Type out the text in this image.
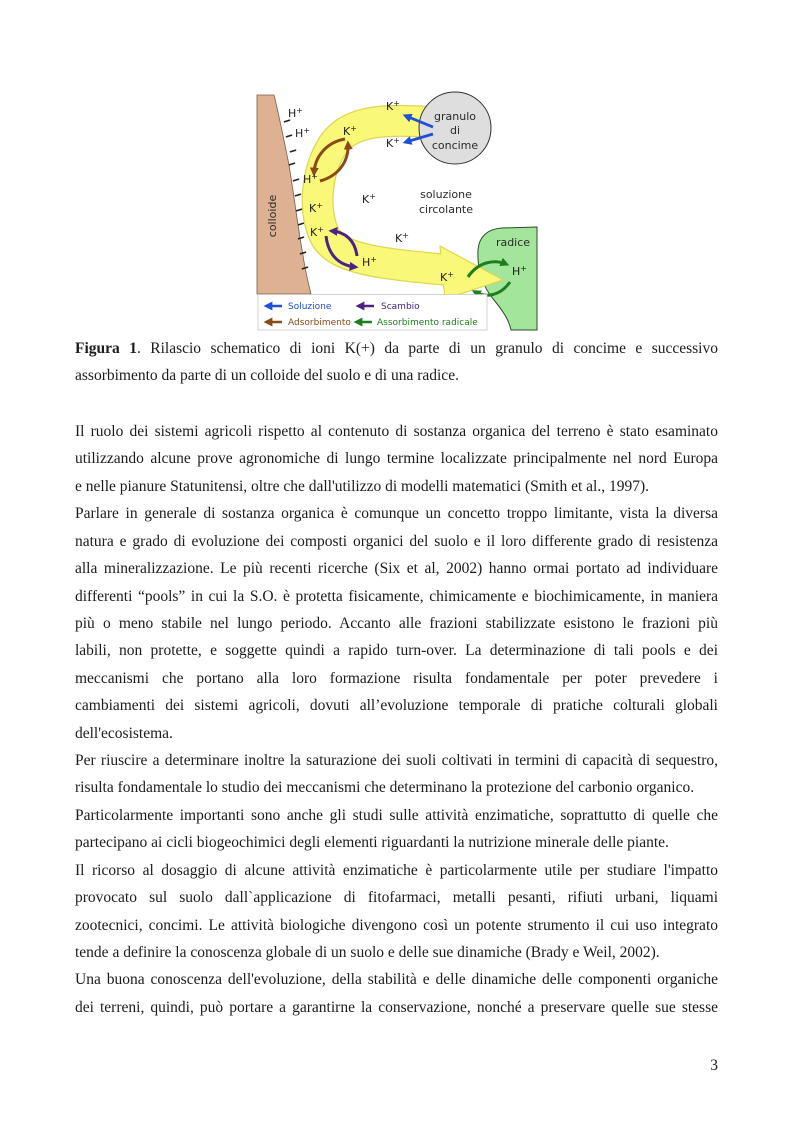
colloide
radice
granulo
di
concime
soluzione
circolante
H+
H+	K+
K+
K+
H+
K+
K+
K+
K+
H+
K+	H+
Soluzione	Scambio
Adsorbimento	Assorbimento radicale
Figura 1. Rilascio schematico di ioni K(+) da parte di un granulo di concime e successivo
assorbimento da parte di un colloide del suolo e di una radice.
Il ruolo dei sistemi agricoli rispetto al contenuto di sostanza organica del terreno è stato esaminato
utilizzando alcune prove agronomiche di lungo termine localizzate principalmente nel nord Europa
e nelle pianure Statunitensi, oltre che dall'utilizzo di modelli matematici (Smith et al., 1997).
Parlare in generale di sostanza organica è comunque un concetto troppo limitante, vista la diversa
natura e grado di evoluzione dei composti organici del suolo e il loro differente grado di resistenza
alla mineralizzazione. Le più recenti ricerche (Six et al, 2002) hanno ormai portato ad individuare
differenti “pools” in cui la S.O. è protetta fisicamente, chimicamente e biochimicamente, in maniera
più o meno stabile nel lungo periodo. Accanto alle frazioni stabilizzate esistono le frazioni più
labili, non protette, e soggette quindi a rapido turn-over. La determinazione di tali pools e dei
meccanismi che portano alla loro formazione risulta fondamentale per poter prevedere i
cambiamenti dei sistemi agricoli, dovuti all’evoluzione temporale di pratiche colturali globali
dell'ecosistema.
Per riuscire a determinare inoltre la saturazione dei suoli coltivati in termini di capacità di sequestro,
risulta fondamentale lo studio dei meccanismi che determinano la protezione del carbonio organico.
Particolarmente importanti sono anche gli studi sulle attività enzimatiche, soprattutto di quelle che
partecipano ai cicli biogeochimici degli elementi riguardanti la nutrizione minerale delle piante.
Il ricorso al dosaggio di alcune attività enzimatiche è particolarmente utile per studiare l'impatto
provocato sul suolo dall`applicazione di fitofarmaci, metalli pesanti, rifiuti urbani, liquami
zootecnici, concimi. Le attività biologiche divengono così un potente strumento il cui uso integrato
tende a definire la conoscenza globale di un suolo e delle sue dinamiche (Brady e Weil, 2002).
Una buona conoscenza dell'evoluzione, della stabilità e delle dinamiche delle componenti organiche
dei terreni, quindi, può portare a garantirne la conservazione, nonché a preservare quelle sue stesse
3
